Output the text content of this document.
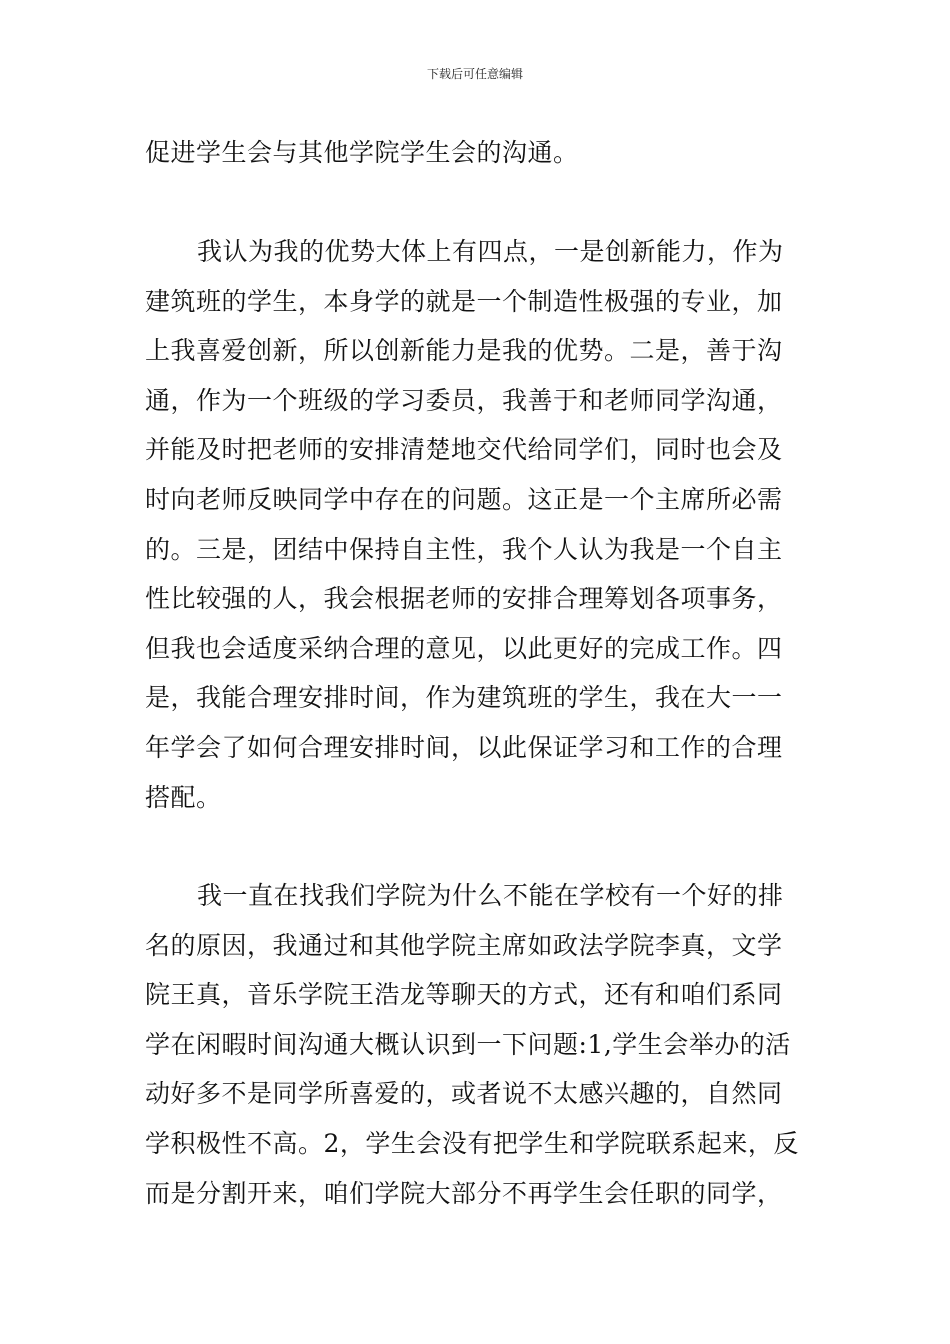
下载后可任意编辑
促进学生会与其他学院学生会的沟通。
我认为我的优势大体上有四点，一是创新能力，作为
建筑班的学生，本身学的就是一个制造性极强的专业，加
上我喜爱创新，所以创新能力是我的优势。二是，善于沟
通，作为一个班级的学习委员，我善于和老师同学沟通，
并能及时把老师的安排清楚地交代给同学们，同时也会及
时向老师反映同学中存在的问题。这正是一个主席所必需
的。三是，团结中保持自主性，我个人认为我是一个自主
性比较强的人，我会根据老师的安排合理筹划各项事务，
但我也会适度采纳合理的意见，以此更好的完成工作。四
是，我能合理安排时间，作为建筑班的学生，我在大一一
年学会了如何合理安排时间，以此保证学习和工作的合理
搭配。
我一直在找我们学院为什么不能在学校有一个好的排
名的原因，我通过和其他学院主席如政法学院李真，文学
院王真，音乐学院王浩龙等聊天的方式，还有和咱们系同
学在闲暇时间沟通大概认识到一下问题:1,学生会举办的活
动好多不是同学所喜爱的，或者说不太感兴趣的，自然同
学积极性不高。2，学生会没有把学生和学院联系起来，反
而是分割开来，咱们学院大部分不再学生会任职的同学，
